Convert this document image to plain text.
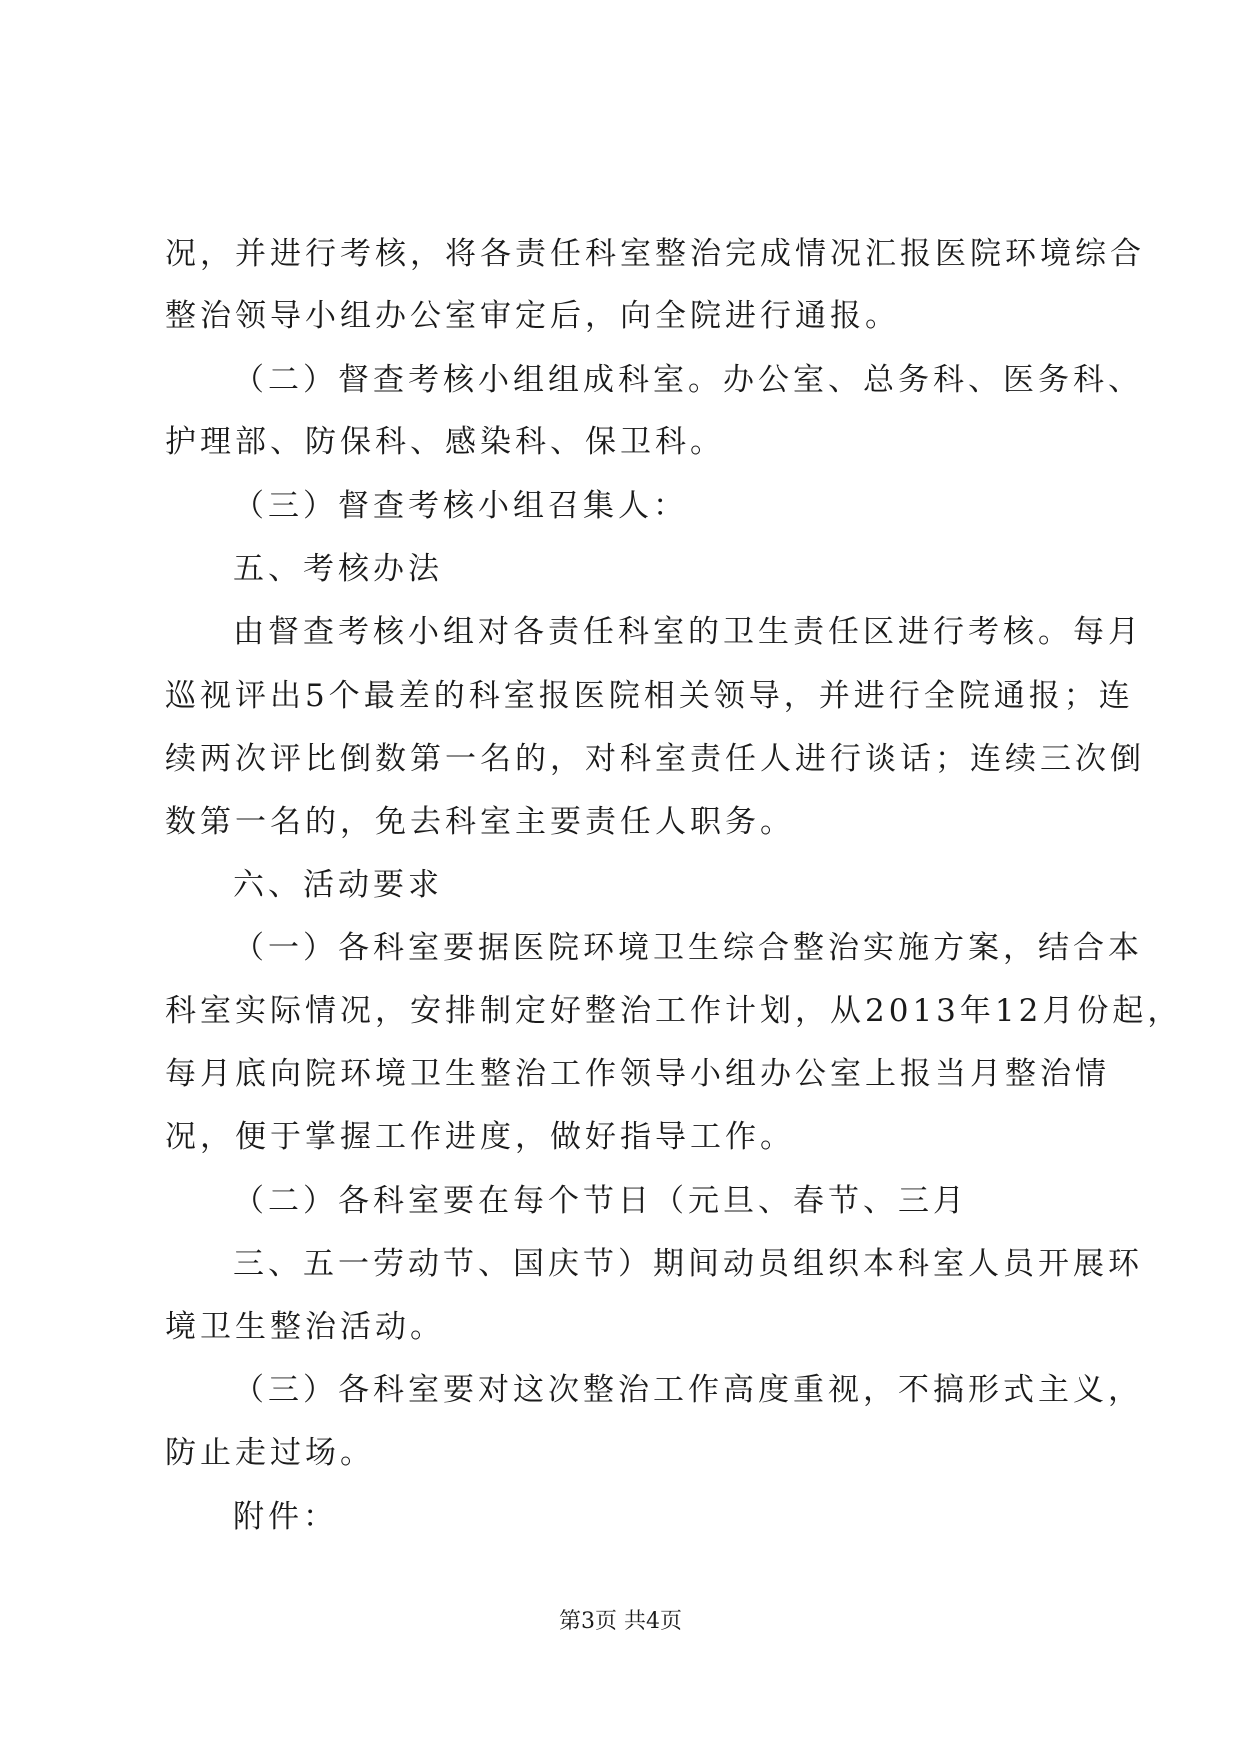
况，并进行考核，将各责任科室整治完成情况汇报医院环境综合
整治领导小组办公室审定后，向全院进行通报。
（二）督查考核小组组成科室。办公室、总务科、医务科、
护理部、防保科、感染科、保卫科。
（三）督查考核小组召集人：
五、考核办法
由督查考核小组对各责任科室的卫生责任区进行考核。每月
巡视评出5个最差的科室报医院相关领导，并进行全院通报；连
续两次评比倒数第一名的，对科室责任人进行谈话；连续三次倒
数第一名的，免去科室主要责任人职务。
六、活动要求
（一）各科室要据医院环境卫生综合整治实施方案，结合本
科室实际情况，安排制定好整治工作计划，从2013年12月份起，
每月底向院环境卫生整治工作领导小组办公室上报当月整治情
况，便于掌握工作进度，做好指导工作。
（二）各科室要在每个节日（元旦、春节、三月
三、五一劳动节、国庆节）期间动员组织本科室人员开展环
境卫生整治活动。
（三）各科室要对这次整治工作高度重视，不搞形式主义，
防止走过场。
附件：
第3页 共4页
